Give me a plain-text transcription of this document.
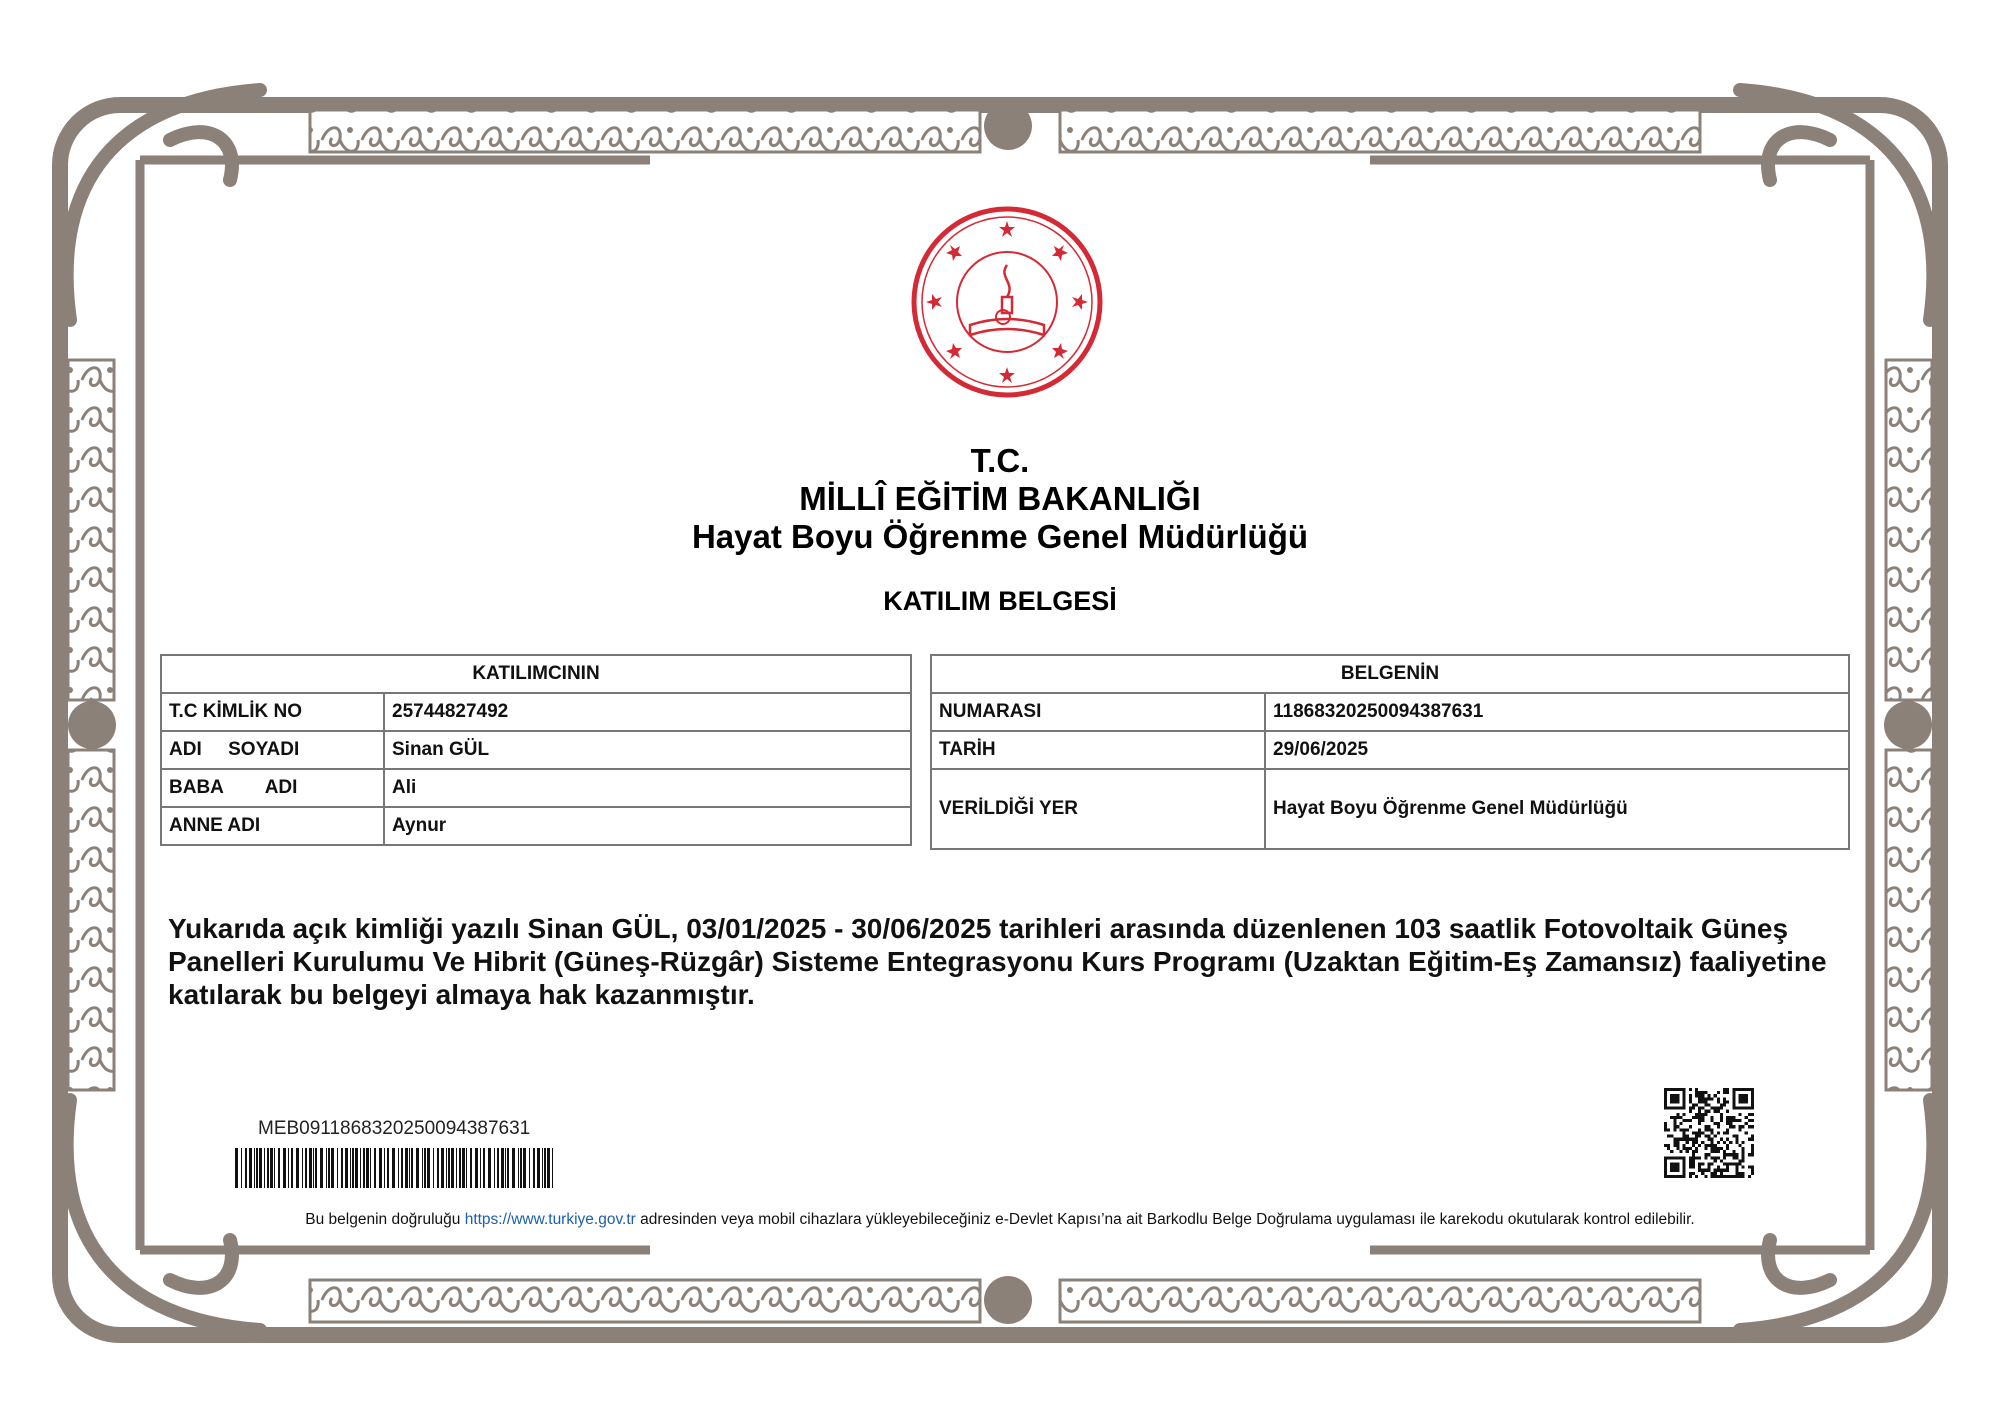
T.C.
MİLLÎ EĞİTİM BAKANLIĞI
Hayat Boyu Öğrenme Genel Müdürlüğü
KATILIM BELGESİ
KATILIMCININ	
T.C KİMLİK NO	25744827492
ADI     SOYADI	Sinan GÜL
BABA        ADI	Ali
ANNE ADI	Aynur
BELGENİN	
NUMARASI	11868320250094387631
TARİH	29/06/2025
VERİLDİĞİ YER	Hayat Boyu Öğrenme Genel Müdürlüğü
Yukarıda açık kimliği yazılı Sinan GÜL, 03/01/2025 - 30/06/2025 tarihleri arasında düzenlenen 103 saatlik Fotovoltaik Güneş Panelleri Kurulumu Ve Hibrit (Güneş-Rüzgâr) Sisteme Entegrasyonu Kurs Programı (Uzaktan Eğitim-Eş Zamansız) faaliyetine katılarak bu belgeyi almaya hak kazanmıştır.
MEB0911868320250094387631
Bu belgenin doğruluğu https://www.turkiye.gov.tr adresinden veya mobil cihazlara yükleyebileceğiniz e-Devlet Kapısı’na ait Barkodlu Belge Doğrulama uygulaması ile karekodu okutularak kontrol edilebilir.
